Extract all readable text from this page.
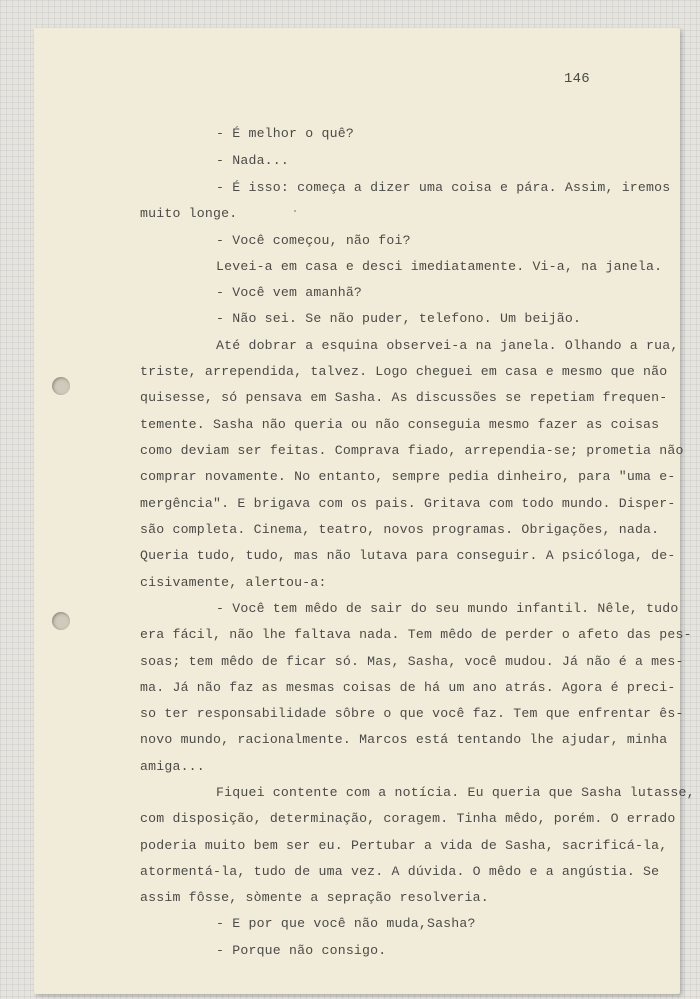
146
- É melhor o quê?
- Nada...
- É isso: começa a dizer uma coisa e pára. Assim, iremos
muito longe.
- Você começou, não foi?
Levei-a em casa e desci imediatamente. Vi-a, na janela.
- Você vem amanhã?
- Não sei. Se não puder, telefono. Um beijão.
Até dobrar a esquina observei-a na janela. Olhando a rua,
triste, arrependida, talvez. Logo cheguei em casa e mesmo que não
quisesse, só pensava em Sasha. As discussões se repetiam frequen-
temente. Sasha não queria ou não conseguia mesmo fazer as coisas
como deviam ser feitas. Comprava fiado, arrependia-se; prometia não
comprar novamente. No entanto, sempre pedia dinheiro, para "uma e-
mergência". E brigava com os pais. Gritava com todo mundo. Disper-
são completa. Cinema, teatro, novos programas. Obrigações, nada.
Queria tudo, tudo, mas não lutava para conseguir. A psicóloga, de-
cisivamente, alertou-a:
- Você tem mêdo de sair do seu mundo infantil. Nêle, tudo
era fácil, não lhe faltava nada. Tem mêdo de perder o afeto das pes-
soas; tem mêdo de ficar só. Mas, Sasha, você mudou. Já não é a mes-
ma. Já não faz as mesmas coisas de há um ano atrás. Agora é preci-
so ter responsabilidade sôbre o que você faz. Tem que enfrentar ês-
novo mundo, racionalmente. Marcos está tentando lhe ajudar, minha
amiga...
Fiquei contente com a notícia. Eu queria que Sasha lutasse,
com disposição, determinação, coragem. Tinha mêdo, porém. O errado
poderia muito bem ser eu. Pertubar a vida de Sasha, sacrificá-la,
atormentá-la, tudo de uma vez. A dúvida. O mêdo e a angústia. Se
assim fôsse, sòmente a sepração resolveria.
- E por que você não muda,Sasha?
- Porque não consigo.
